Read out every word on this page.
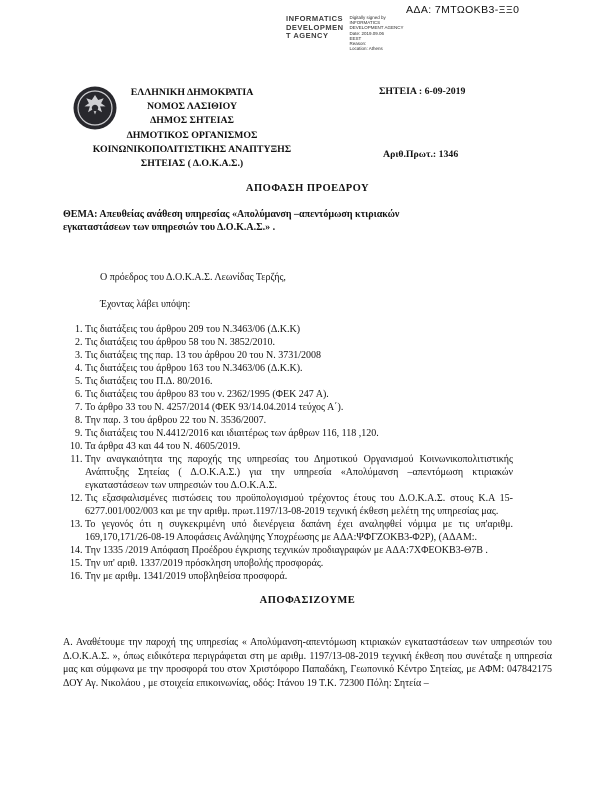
ΑΔΑ: 7ΜΤΩΟΚΒ3-ΞΞ0
INFORMATICS
DEVELOPMEN
T AGENCY
Digitally signed by
INFORMATICS
DEVELOPMENT AGENCY
Date: 2019.09.06
EEST
Reason:
Location: Athens
ΕΛΛΗΝΙΚΗ ΔΗΜΟΚΡΑΤΙΑ
ΝΟΜΟΣ ΛΑΣΙΘΙΟΥ
ΔΗΜΟΣ ΣΗΤΕΙΑΣ
ΔΗΜΟΤΙΚΟΣ ΟΡΓΑΝΙΣΜΟΣ
ΚΟΙΝΩΝΙΚΟΠΟΛΙΤΙΣΤΙΚΗΣ ΑΝΑΠΤΥΞΗΣ
ΣΗΤΕΙΑΣ ( Δ.Ο.Κ.Α.Σ.)
ΣΗΤΕΙΑ : 6-09-2019
Αριθ.Πρωτ.: 1346
ΑΠΟΦΑΣΗ ΠΡΟΕΔΡΟΥ

ΘΕΜΑ: Απευθείας ανάθεση υπηρεσίας «Απολύμανση –απεντόμωση κτιριακών εγκαταστάσεων των υπηρεσιών του Δ.Ο.Κ.Α.Σ.» .

Ο πρόεδρος του Δ.Ο.Κ.Α.Σ. Λεωνίδας Τερζής,
Έχοντας λάβει υπόψη:
1. Τις διατάξεις του άρθρου 209 του Ν.3463/06 (Δ.Κ.Κ)
2. Τις διατάξεις του άρθρου 58 του Ν. 3852/2010.
3. Τις διατάξεις της παρ. 13 του άρθρου 20 του Ν. 3731/2008
4. Τις διατάξεις του άρθρου 163 του Ν.3463/06 (Δ.Κ.Κ).
5. Τις διατάξεις του Π.Δ. 80/2016.
6. Τις διατάξεις του άρθρου 83 του ν. 2362/1995 (ΦΕΚ 247 Α).
7. Το άρθρο 33 του Ν. 4257/2014 (ΦΕΚ 93/14.04.2014 τεύχος Α΄).
8. Την παρ. 3 του άρθρου 22 του Ν. 3536/2007.
9. Τις διατάξεις του Ν.4412/2016 και ιδιαιτέρως των άρθρων 116, 118 ,120.
10. Τα άρθρα 43 και 44 του Ν. 4605/2019.
11. Την αναγκαιότητα της παροχής της υπηρεσίας του Δημοτικού Οργανισμού Κοινωνικοπολιτιστικής Ανάπτυξης Σητείας ( Δ.Ο.Κ.Α.Σ.) για την υπηρεσία «Απολύμανση –απεντόμωση κτιριακών εγκαταστάσεων των υπηρεσιών του Δ.Ο.Κ.Α.Σ.
12. Τις εξασφαλισμένες πιστώσεις του προϋπολογισμού τρέχοντος έτους του Δ.Ο.Κ.Α.Σ. στους Κ.Α 15-6277.001/002/003 και με την αριθμ. πρωτ.1197/13-08-2019 τεχνική έκθεση μελέτη της υπηρεσίας μας.
13. Το γεγονός ότι η συγκεκριμένη υπό διενέργεια δαπάνη έχει αναληφθεί νόμιμα με τις υπ'αριθμ. 169,170,171/26-08-19 Αποφάσεις Ανάληψης Υποχρέωσης με ΑΔΑ:ΨΦΓΖΟΚΒ3-Φ2Ρ), (ΑΔΑΜ:.
14. Την 1335 /2019 Απόφαση Προέδρου έγκρισης τεχνικών προδιαγραφών με ΑΔΑ:7ΧΦΕΟΚΒ3-Θ7Β .
15. Την υπ' αριθ. 1337/2019 πρόσκληση υποβολής προσφοράς.
16. Την με αριθμ. 1341/2019 υποβληθείσα προσφορά.
ΑΠΟΦΑΣΙΖΟΥΜΕ

Α. Αναθέτουμε την παροχή της υπηρεσίας « Απολύμανση-απεντόμωση κτιριακών εγκαταστάσεων των υπηρεσιών του Δ.Ο.Κ.Α.Σ. », όπως ειδικότερα περιγράφεται στη με αριθμ. 1197/13-08-2019 τεχνική έκθεση που συνέταξε η υπηρεσία μας και σύμφωνα με την προσφορά του στον Χριστόφορο Παπαδάκη, Γεωπονικό Κέντρο Σητείας, με ΑΦΜ: 047842175 ΔΟΥ Αγ. Νικολάου , με στοιχεία επικοινωνίας, οδός: Ιτάνου 19 Τ.Κ. 72300 Πόλη: Σητεία –
